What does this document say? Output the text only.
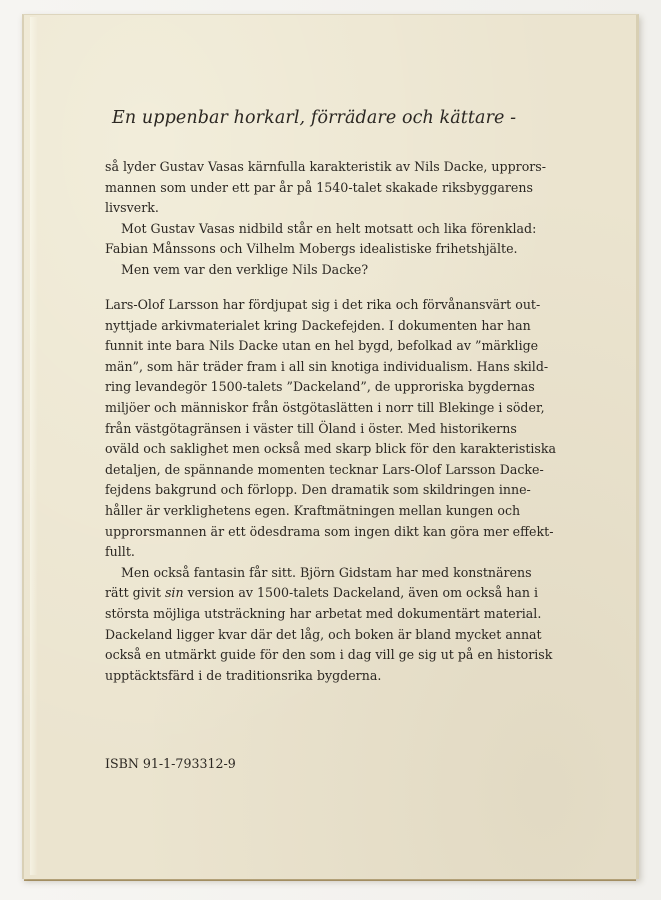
En uppenbar horkarl, förrädare och kättare -
så lyder Gustav Vasas kärnfulla karakteristik av Nils Dacke, upprors-
mannen som under ett par år på 1540-talet skakade riksbyggarens
livsverk.
Mot Gustav Vasas nidbild står en helt motsatt och lika förenklad:
Fabian Månssons och Vilhelm Mobergs idealistiske frihetshjälte.
Men vem var den verklige Nils Dacke?
Lars-Olof Larsson har fördjupat sig i det rika och förvånansvärt out-
nyttjade arkivmaterialet kring Dackefejden. I dokumenten har han
funnit inte bara Nils Dacke utan en hel bygd, befolkad av ”märklige
män”, som här träder fram i all sin knotiga individualism. Hans skild-
ring levandegör 1500-talets ”Dackeland”, de upproriska bygdernas
miljöer och människor från östgötaslätten i norr till Blekinge i söder,
från västgötagränsen i väster till Öland i öster. Med historikerns
oväld och saklighet men också med skarp blick för den karakteristiska
detaljen, de spännande momenten tecknar Lars-Olof Larsson Dacke-
fejdens bakgrund och förlopp. Den dramatik som skildringen inne-
håller är verklighetens egen. Kraftmätningen mellan kungen och
upprorsmannen är ett ödesdrama som ingen dikt kan göra mer effekt-
fullt.
Men också fantasin får sitt. Björn Gidstam har med konstnärens
rätt givit sin version av 1500-talets Dackeland, även om också han i
största möjliga utsträckning har arbetat med dokumentärt material.
Dackeland ligger kvar där det låg, och boken är bland mycket annat
också en utmärkt guide för den som i dag vill ge sig ut på en historisk
upptäcktsfärd i de traditionsrika bygderna.
ISBN 91-1-793312-9
